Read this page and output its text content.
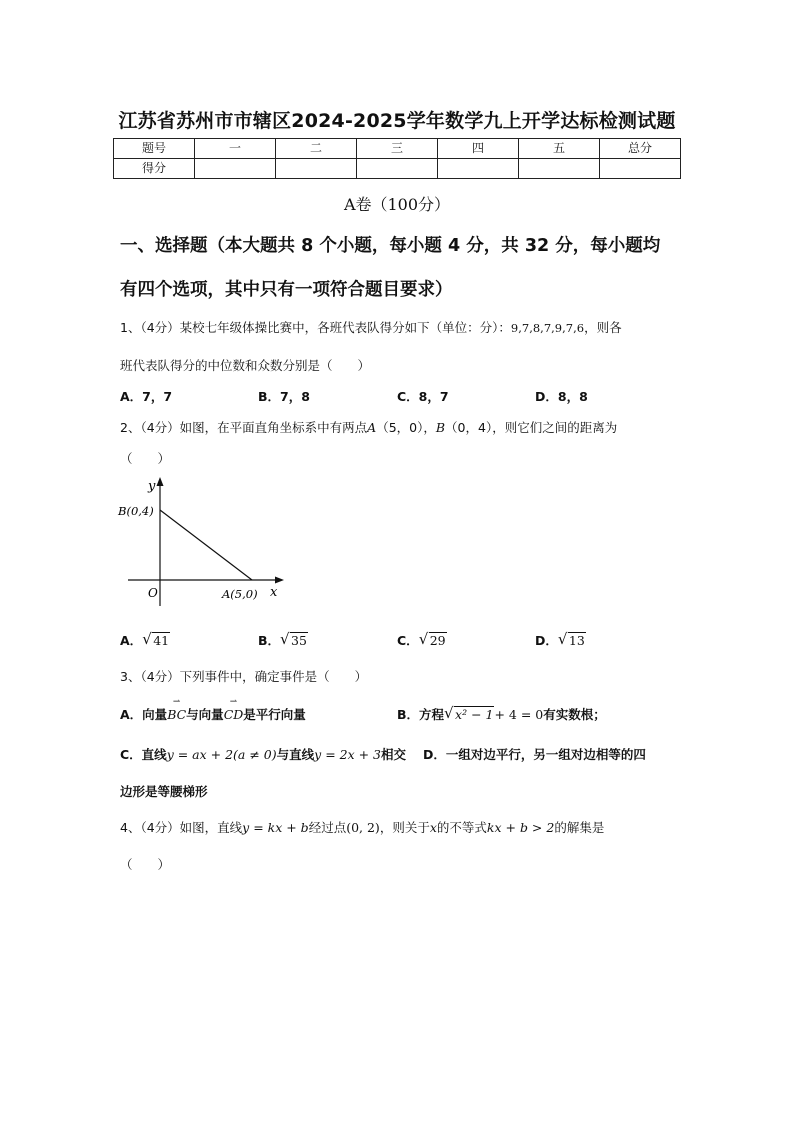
江苏省苏州市市辖区2024-2025学年数学九上开学达标检测试题
题号	一	二	三	四	五	总分
得分						
A卷（100分）
一、选择题（本大题共 8 个小题，每小题 4 分，共 32 分，每小题均
有四个选项，其中只有一项符合题目要求）
1、（4分）某校七年级体操比赛中，各班代表队得分如下（单位：分）：9,7,8,7,9,7,6，则各
班代表队得分的中位数和众数分别是（　　）
A．7，7	B．7，8	C．8，7	D．8，8
2、（4分）如图，在平面直角坐标系中有两点A（5，0），B（0，4），则它们之间的距离为
（　　）
y
x
O
B(0,4)
A(5,0)
A． √ 41	B． √ 35	C． √ 29	D． √ 13
3、（4分）下列事件中，确定事件是（　　）
A．向量
⇀
BC与向量
⇀
CD是平行向量	B．方程 √ x² − 1+ 4 = 0有实数根；
C．直线y = ax + 2(a ≠ 0)与直线y = 2x + 3相交 D．一组对边平行，另一组对边相等的四
边形是等腰梯形
4、（4分）如图，直线y = kx + b经过点(0, 2)，则关于x的不等式kx + b > 2的解集是
（　　）
